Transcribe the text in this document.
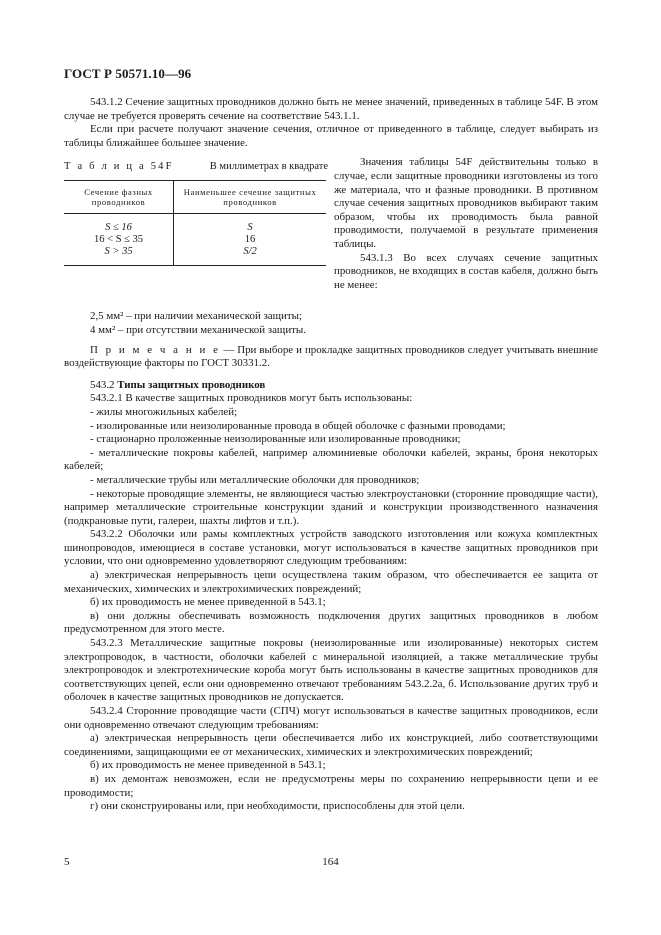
ГОСТ Р 50571.10—96

543.1.2 Сечение защитных проводников должно быть не менее значений, приведенных в таблице 54F. В этом случае не требуется проверять сечение на соответствие 543.1.1.

Если при расчете получают значение сечения, отличное от приведенного в таблице, следует выбирать из таблицы ближайшее большее значение.

Т а б л и ц а 54F	В миллиметрах в квадрате
Сечение фазных проводников	Наименьшее сечение защитных проводников
S ≤ 16	S
16 < S ≤ 35	16
S > 35	S/2

Значения таблицы 54F действительны только в случае, если защитные проводники изготовлены из того же материала, что и фазные проводники. В противном случае сечения защитных проводников выбирают таким образом, чтобы их проводимость была равной проводимости, получаемой в результате применения таблицы.

543.1.3 Во всех случаях сечение защитных проводников, не входящих в состав кабеля, должно быть не менее:

2,5 мм² – при наличии механической защиты;

4 мм² – при отсутствии механической защиты.

П р и м е ч а н и е — При выборе и прокладке защитных проводников следует учитывать внешние воздействующие факторы по ГОСТ 30331.2.

543.2 Типы защитных проводников

543.2.1 В качестве защитных проводников могут быть использованы:

- жилы многожильных кабелей;

- изолированные или неизолированные провода в общей оболочке с фазными проводами;

- стационарно проложенные неизолированные или изолированные проводники;

- металлические покровы кабелей, например алюминиевые оболочки кабелей, экраны, броня некоторых кабелей;

- металлические трубы или металлические оболочки для проводников;

- некоторые проводящие элементы, не являющиеся частью электроустановки (сторонние проводящие части), например металлические строительные конструкции зданий и конструкции производственного назначения (подкрановые пути, галереи, шахты лифтов и т.п.).

543.2.2 Оболочки или рамы комплектных устройств заводского изготовления или кожуха комплектных шинопроводов, имеющиеся в составе установки, могут использоваться в качестве защитных проводников при условии, что они одновременно удовлетворяют следующим требованиям:

а) электрическая непрерывность цепи осуществлена таким образом, что обеспечивается ее защита от механических, химических и электрохимических повреждений;

б) их проводимость не менее приведенной в 543.1;

в) они должны обеспечивать возможность подключения других защитных проводников в любом предусмотренном для этого месте.

543.2.3 Металлические защитные покровы (неизолированные или изолированные) некоторых систем электропроводок, в частности, оболочки кабелей с минеральной изоляцией, а также металлические трубы электропроводок и электротехнические короба могут быть использованы в качестве защитных проводников для соответствующих цепей, если они одновременно отвечают требованиям 543.2.2а, б. Использование других труб и оболочек в качестве защитных проводников не допускается.

543.2.4 Сторонние проводящие части (СПЧ) могут использоваться в качестве защитных проводников, если они одновременно отвечают следующим требованиям:

а) электрическая непрерывность цепи обеспечивается либо их конструкцией, либо соответствующими соединениями, защищающими ее от механических, химических и электрохимических повреждений;

б) их проводимость не менее приведенной в 543.1;

в) их демонтаж невозможен, если не предусмотрены меры по сохранению непрерывности цепи и ее проводимости;

г) они сконструированы или, при необходимости, приспособлены для этой цели.

5	164
